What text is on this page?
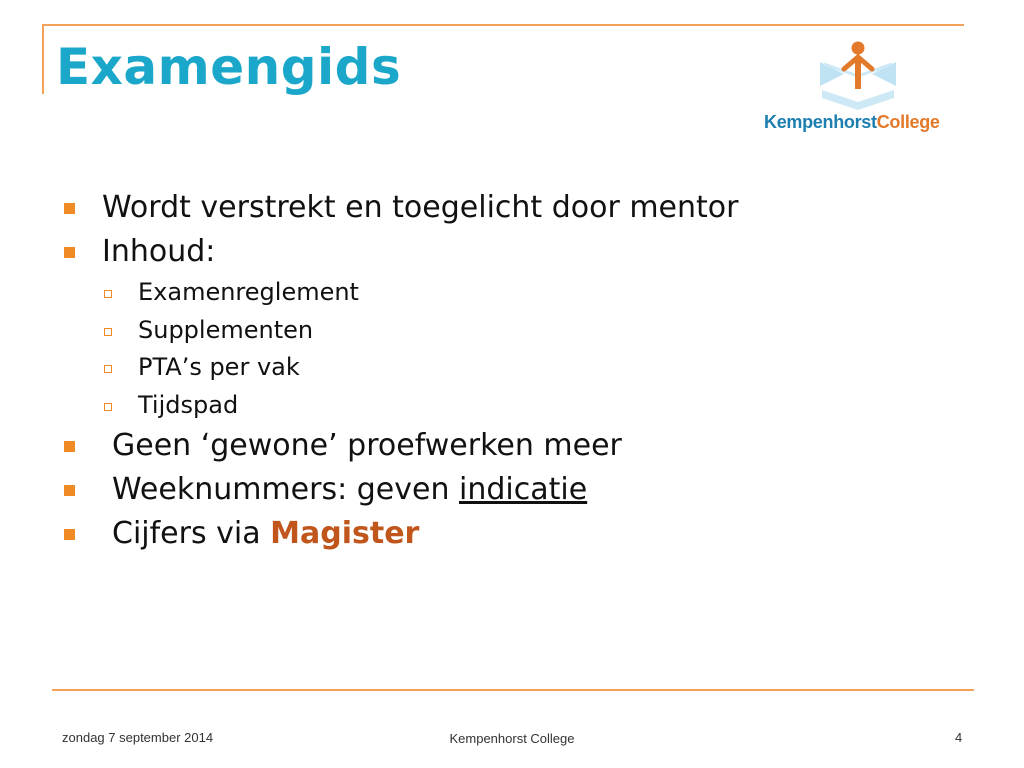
Examengids
KempenhorstCollege
Wordt verstrekt en toegelicht door mentor
Inhoud:
Examenreglement
Supplementen
PTA’s per vak
Tijdspad
Geen ‘gewone’ proefwerken meer
Weeknummers: geven indicatie
Cijfers via Magister
zondag 7 september 2014	Kempenhorst College	4
